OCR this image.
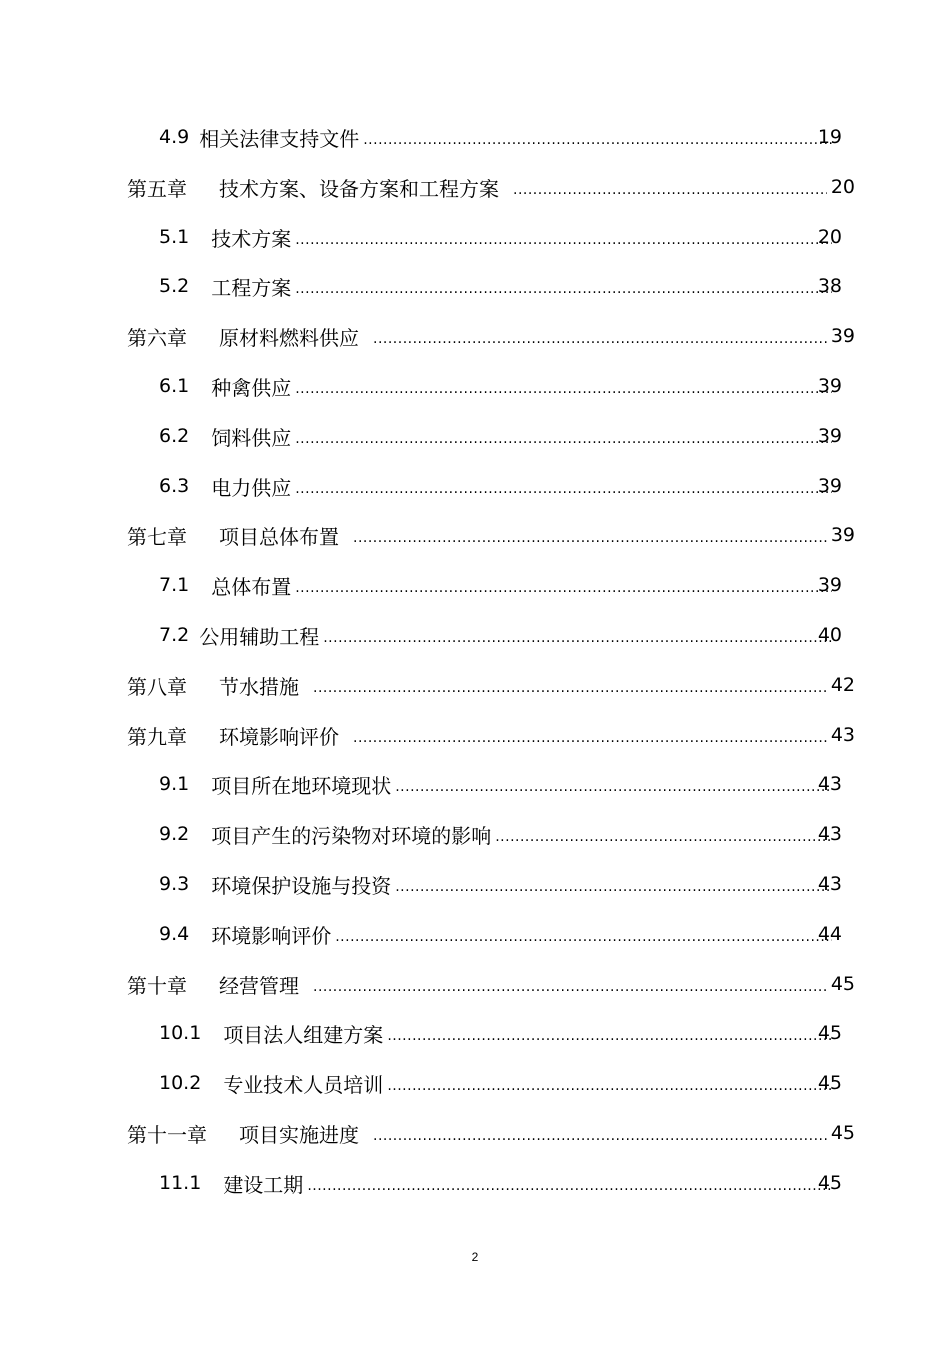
4.9 相关法律支持文件 .....	19
第五章 技术方案、设备方案和工程方案 .....	20
5.1 技术方案 .....	20
5.2 工程方案 .....	38
第六章 原材料燃料供应 .....	39
6.1 种禽供应 .....	39
6.2 饲料供应 .....	39
6.3 电力供应 .....	39
第七章 项目总体布置 .....	39
7.1 总体布置 .....	39
7.2 公用辅助工程 .....	40
第八章 节水措施 .....	42
第九章 环境影响评价 .....	43
9.1 项目所在地环境现状 .....	43
9.2 项目产生的污染物对环境的影响 .....	43
9.3 环境保护设施与投资 .....	43
9.4 环境影响评价 .....	44
第十章 经营管理 .....	45
10.1 项目法人组建方案 .....	45
10.2 专业技术人员培训 .....	45
第十一章 项目实施进度 .....	45
11.1 建设工期 .....	45
2
